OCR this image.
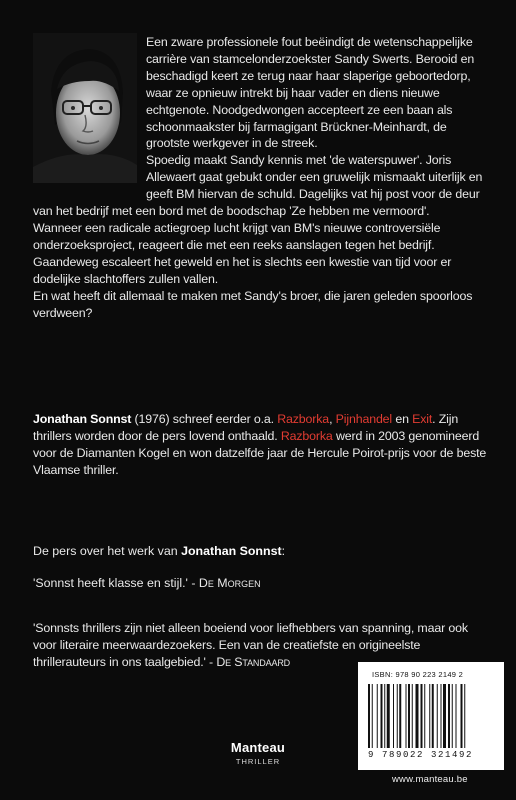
Een zware professionele fout beëindigt de wetenschappelijke carrière van stamcelonderzoekster Sandy Swerts. Berooid en beschadigd keert ze terug naar haar slaperige geboortedorp, waar ze opnieuw intrekt bij haar vader en diens nieuwe echtgenote. Noodgedwongen accepteert ze een baan als schoonmaakster bij farmagigant Brückner-Meinhardt, de grootste werkgever in de streek.

Spoedig maakt Sandy kennis met 'de waterspuwer'. Joris Allewaert gaat gebukt onder een gruwelijk mismaakt uiterlijk en geeft BM hiervan de schuld. Dagelijks vat hij post voor de deur van het bedrijf met een bord met de boodschap 'Ze hebben me vermoord'.

Wanneer een radicale actiegroep lucht krijgt van BM's nieuwe controversiële onderzoeksproject, reageert die met een reeks aanslagen tegen het bedrijf. Gaandeweg escaleert het geweld en het is slechts een kwestie van tijd voor er dodelijke slachtoffers zullen vallen.

En wat heeft dit allemaal te maken met Sandy's broer, die jaren geleden spoorloos verdween?

Jonathan Sonnst (1976) schreef eerder o.a. Razborka, Pijnhandel en Exit. Zijn thrillers worden door de pers lovend onthaald. Razborka werd in 2003 genomineerd voor de Diamanten Kogel en won datzelfde jaar de Hercule Poirot-prijs voor de beste Vlaamse thriller.

De pers over het werk van Jonathan Sonnst:
'Sonnst heeft klasse en stijl.' - De Morgen
'Sonnsts thrillers zijn niet alleen boeiend voor liefhebbers van spanning, maar ook voor literaire meerwaardezoekers. Een van de creatiefste en origineelste thrillerauteurs in ons taalgebied.' - De Standaard
ISBN: 978 90 223 2149 2
9 789022 321492
Manteau
THRILLER
www.manteau.be
